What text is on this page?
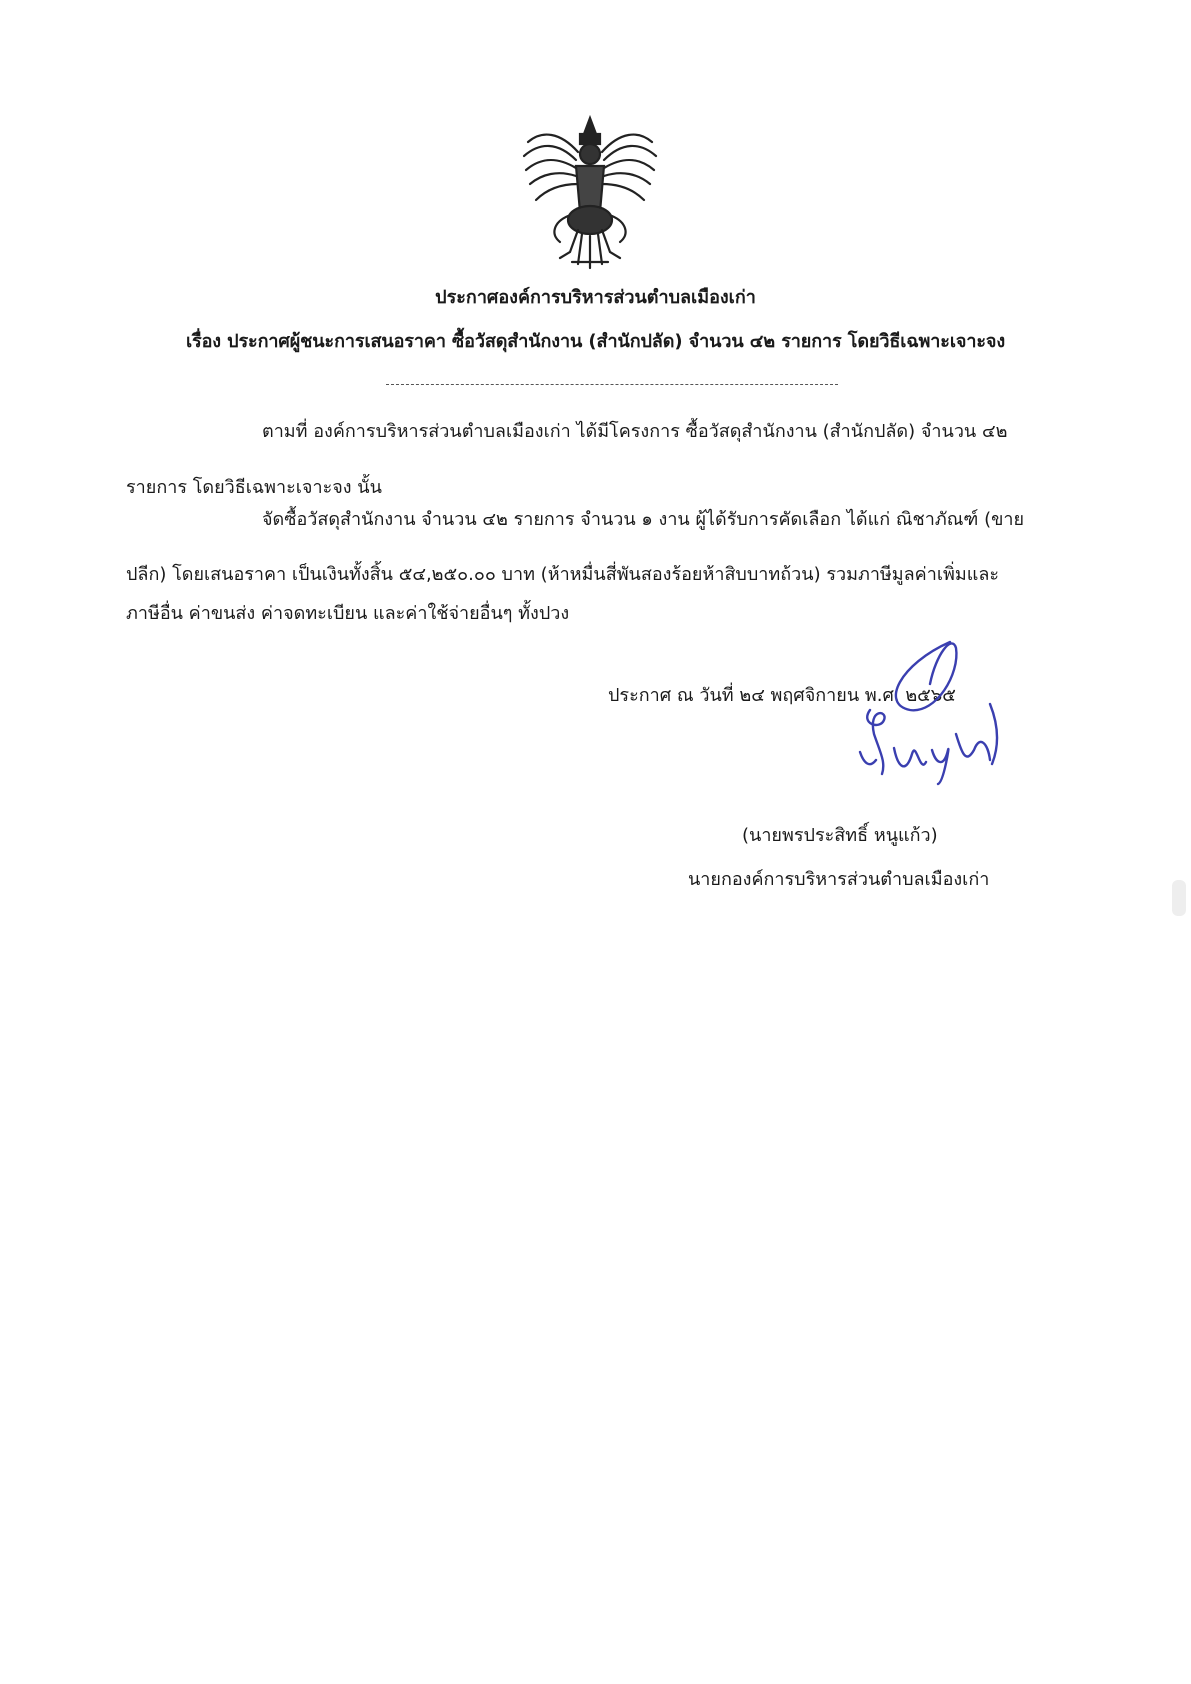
ประกาศองค์การบริหารส่วนตำบลเมืองเก่า
เรื่อง ประกาศผู้ชนะการเสนอราคา ซื้อวัสดุสำนักงาน (สำนักปลัด) จำนวน ๔๒ รายการ โดยวิธีเฉพาะเจาะจง
ตามที่ องค์การบริหารส่วนตำบลเมืองเก่า ได้มีโครงการ ซื้อวัสดุสำนักงาน (สำนักปลัด) จำนวน ๔๒
รายการ โดยวิธีเฉพาะเจาะจง นั้น
จัดซื้อวัสดุสำนักงาน จำนวน ๔๒ รายการ จำนวน ๑ งาน ผู้ได้รับการคัดเลือก ได้แก่ ณิชาภัณฑ์ (ขาย
ปลีก) โดยเสนอราคา เป็นเงินทั้งสิ้น ๕๔,๒๕๐.๐๐ บาท (ห้าหมื่นสี่พันสองร้อยห้าสิบบาทถ้วน) รวมภาษีมูลค่าเพิ่มและ
ภาษีอื่น ค่าขนส่ง ค่าจดทะเบียน และค่าใช้จ่ายอื่นๆ ทั้งปวง
ประกาศ ณ วันที่ ๒๔ พฤศจิกายน พ.ศ. ๒๕๖๕
(นายพรประสิทธิ์ หนูแก้ว)
นายกองค์การบริหารส่วนตำบลเมืองเก่า
